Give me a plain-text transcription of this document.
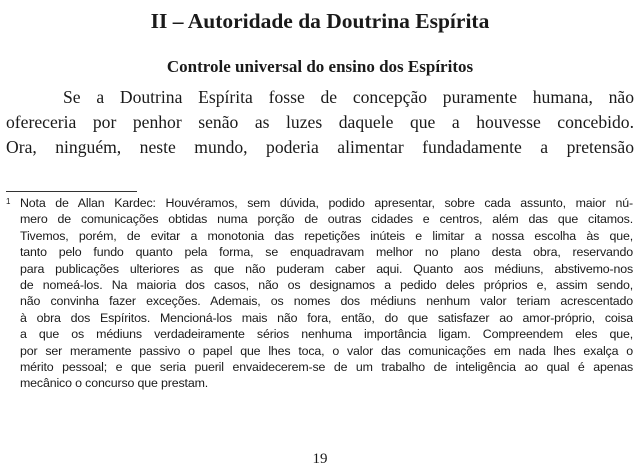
II – Autoridade da Doutrina Espírita
Controle universal do ensino dos Espíritos
Se a Doutrina Espírita fosse de concepção puramente humana, não
ofereceria por penhor senão as luzes daquele que a houvesse concebido.
Ora, ninguém, neste mundo, poderia alimentar fundadamente a pretensão
1 Nota de Allan Kardec: Houvéramos, sem dúvida, podido apresentar, sobre cada assunto, maior nú-
mero de comunicações obtidas numa porção de outras cidades e centros, além das que citamos.
Tivemos, porém, de evitar a monotonia das repetições inúteis e limitar a nossa escolha às que,
tanto pelo fundo quanto pela forma, se enquadravam melhor no plano desta obra, reservando
para publicações ulteriores as que não puderam caber aqui. Quanto aos médiuns, abstivemo-nos
de nomeá-los. Na maioria dos casos, não os designamos a pedido deles próprios e, assim sendo,
não convinha fazer exceções. Ademais, os nomes dos médiuns nenhum valor teriam acrescentado
à obra dos Espíritos. Mencioná-los mais não fora, então, do que satisfazer ao amor-próprio, coisa
a que os médiuns verdadeiramente sérios nenhuma importância ligam. Compreendem eles que,
por ser meramente passivo o papel que lhes toca, o valor das comunicações em nada lhes exalça o
mérito pessoal; e que seria pueril envaidecerem-se de um trabalho de inteligência ao qual é apenas
mecânico o concurso que prestam.

19
